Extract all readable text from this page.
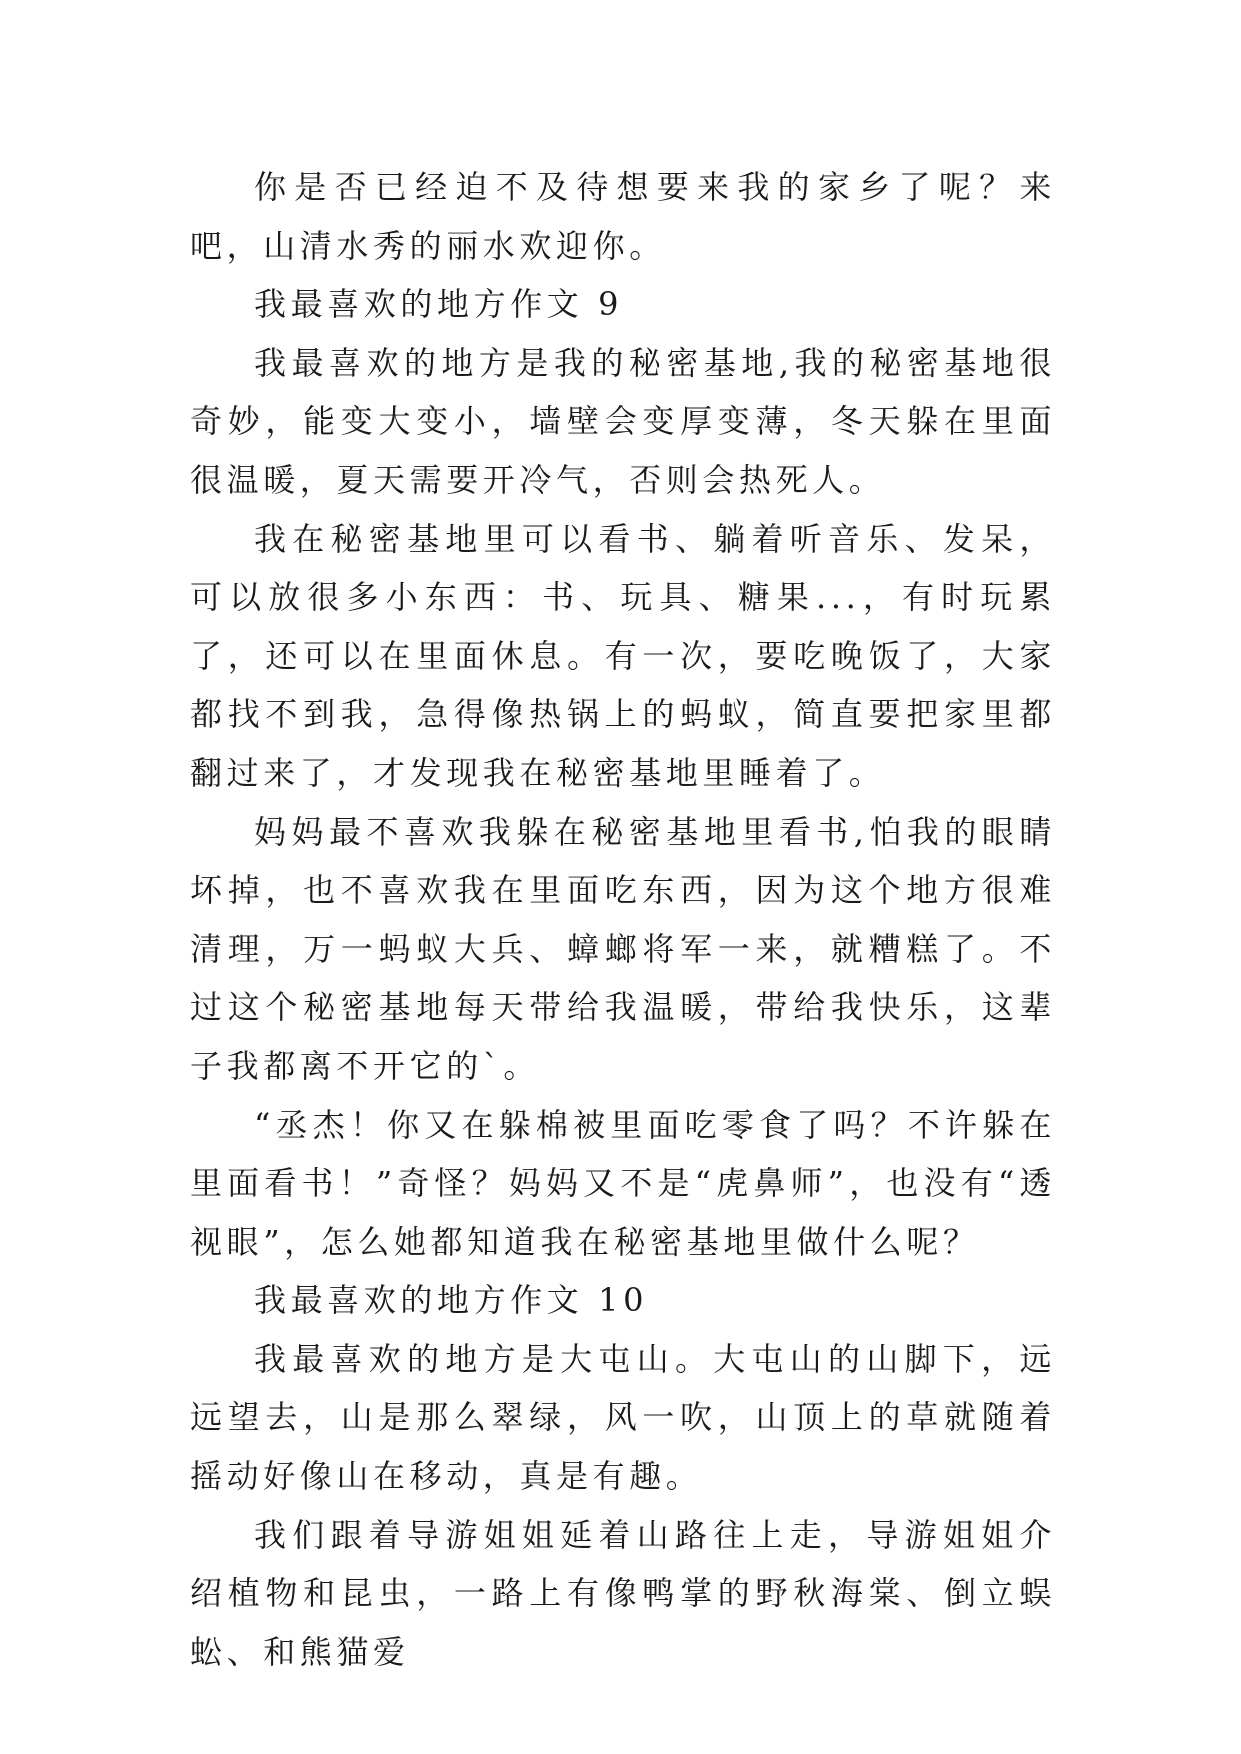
你是否已经迫不及待想要来我的家乡了呢？来吧，山清水秀的丽水欢迎你。

我最喜欢的地方作文 9

我最喜欢的地方是我的秘密基地,我的秘密基地很奇妙，能变大变小，墙壁会变厚变薄，冬天躲在里面很温暖，夏天需要开冷气，否则会热死人。

我在秘密基地里可以看书、躺着听音乐、发呆，可以放很多小东西：书、玩具、糖果...，有时玩累了，还可以在里面休息。有一次，要吃晚饭了，大家都找不到我，急得像热锅上的蚂蚁，简直要把家里都翻过来了，才发现我在秘密基地里睡着了。

妈妈最不喜欢我躲在秘密基地里看书,怕我的眼睛坏掉，也不喜欢我在里面吃东西，因为这个地方很难清理，万一蚂蚁大兵、蟑螂将军一来，就糟糕了。不过这个秘密基地每天带给我温暖，带给我快乐，这辈子我都离不开它的`。

“丞杰！你又在躲棉被里面吃零食了吗？不许躲在里面看书！”奇怪？妈妈又不是“虎鼻师”，也没有“透视眼”，怎么她都知道我在秘密基地里做什么呢？

我最喜欢的地方作文 10

我最喜欢的地方是大屯山。大屯山的山脚下，远远望去，山是那么翠绿，风一吹，山顶上的草就随着摇动好像山在移动，真是有趣。

我们跟着导游姐姐延着山路往上走，导游姐姐介绍植物和昆虫，一路上有像鸭掌的野秋海棠、倒立蜈蚣、和熊猫爱
